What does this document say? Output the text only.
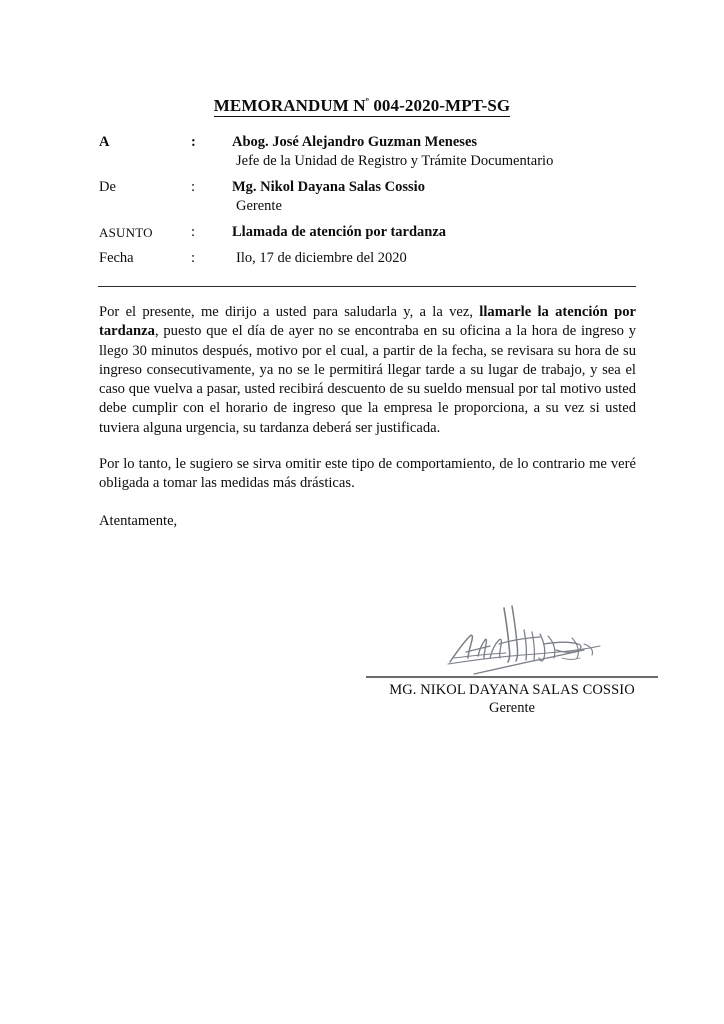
MEMORANDUM $N^º$ 004-2020-MPT-SG
A	:	Abog. José Alejandro Guzman Meneses
Jefe de la Unidad de Registro y Trámite Documentario
De	:	Mg. Nikol Dayana Salas Cossio
Gerente
ASUNTO	:	Llamada de atención por tardanza
Fecha	:	Ilo, 17 de diciembre del 2020

Por el presente, me dirijo a usted para saludarla y, a la vez, llamarle la atención por tardanza, puesto que el día de ayer no se encontraba en su oficina a la hora de ingreso y llego 30 minutos después, motivo por el cual, a partir de la fecha, se revisara su hora de su ingreso consecutivamente, ya no se le permitirá llegar tarde a su lugar de trabajo, y sea el caso que vuelva a pasar, usted recibirá descuento de su sueldo mensual por tal motivo usted debe cumplir con el horario de ingreso que la empresa le proporciona, a su vez si usted tuviera alguna urgencia, su tardanza deberá ser justificada.

Por lo tanto, le sugiero se sirva omitir este tipo de comportamiento, de lo contrario me veré obligada a tomar las medidas más drásticas.

Atentamente,

MG. NIKOL DAYANA SALAS COSSIO
Gerente
